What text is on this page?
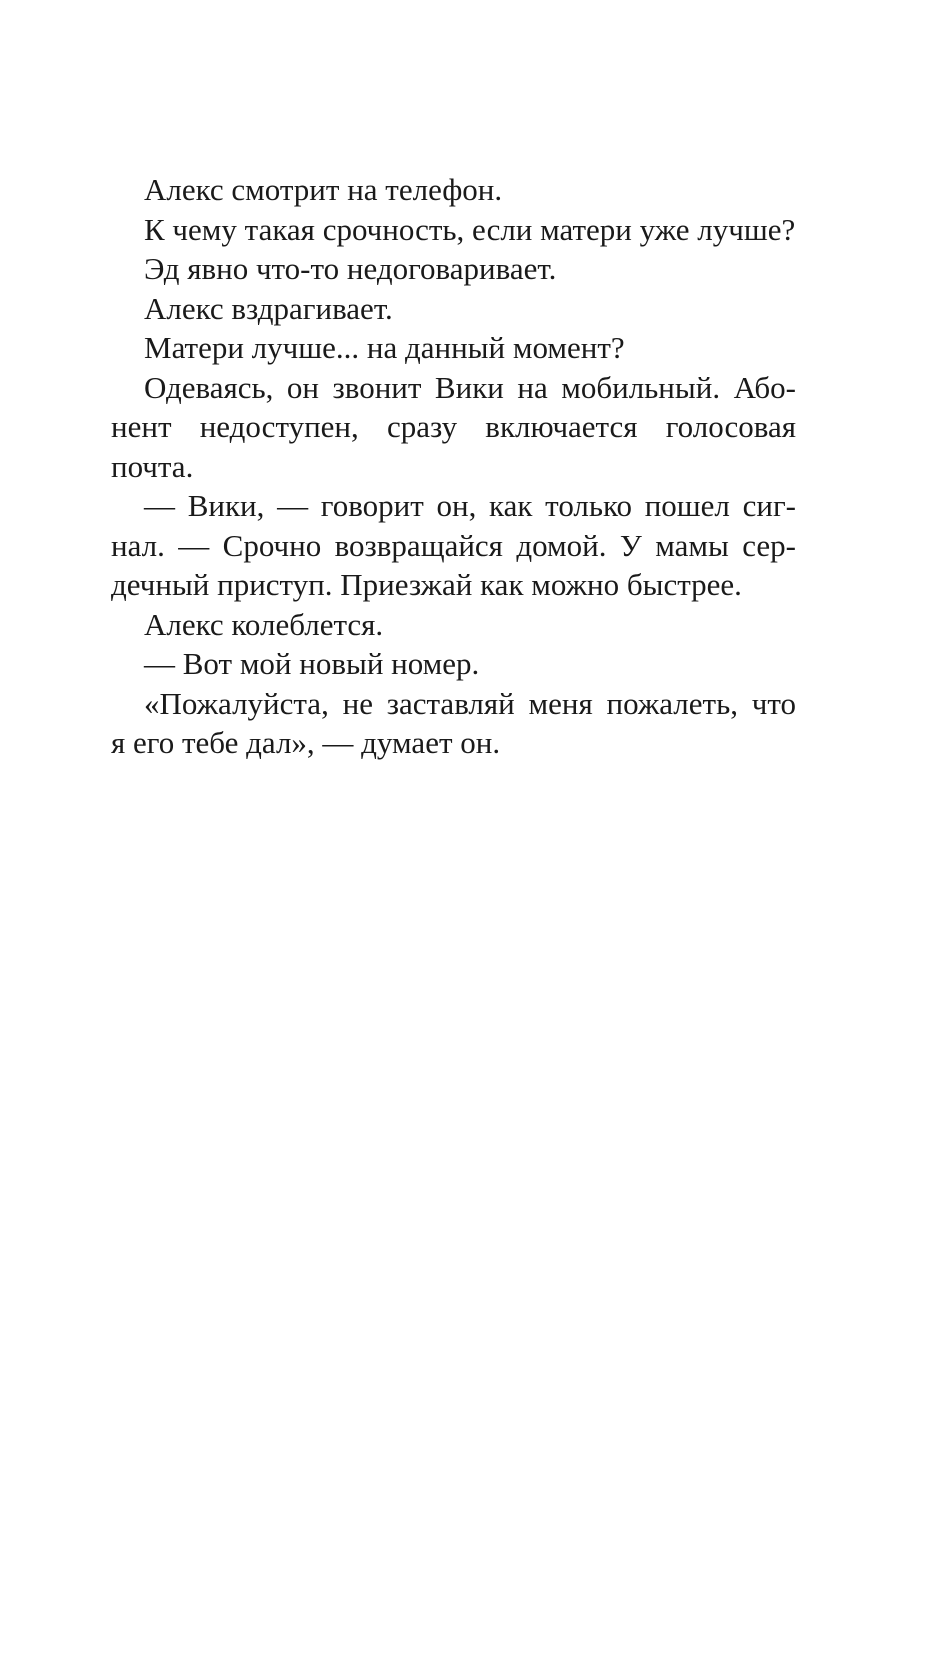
Алекс смотрит на телефон.

К чему такая срочность, если матери уже лучше?

Эд явно что-то недоговаривает.

Алекс вздрагивает.

Матери лучше... на данный момент?

Одеваясь, он звонит Вики на мобильный. Або-
нент недоступен, сразу включается голосовая
почта.

— Вики, — говорит он, как только пошел сиг-
нал. — Срочно возвращайся домой. У мамы сер-
дечный приступ. Приезжай как можно быстрее.

Алекс колеблется.

— Вот мой новый номер.

«Пожалуйста, не заставляй меня пожалеть, что
я его тебе дал», — думает он.
